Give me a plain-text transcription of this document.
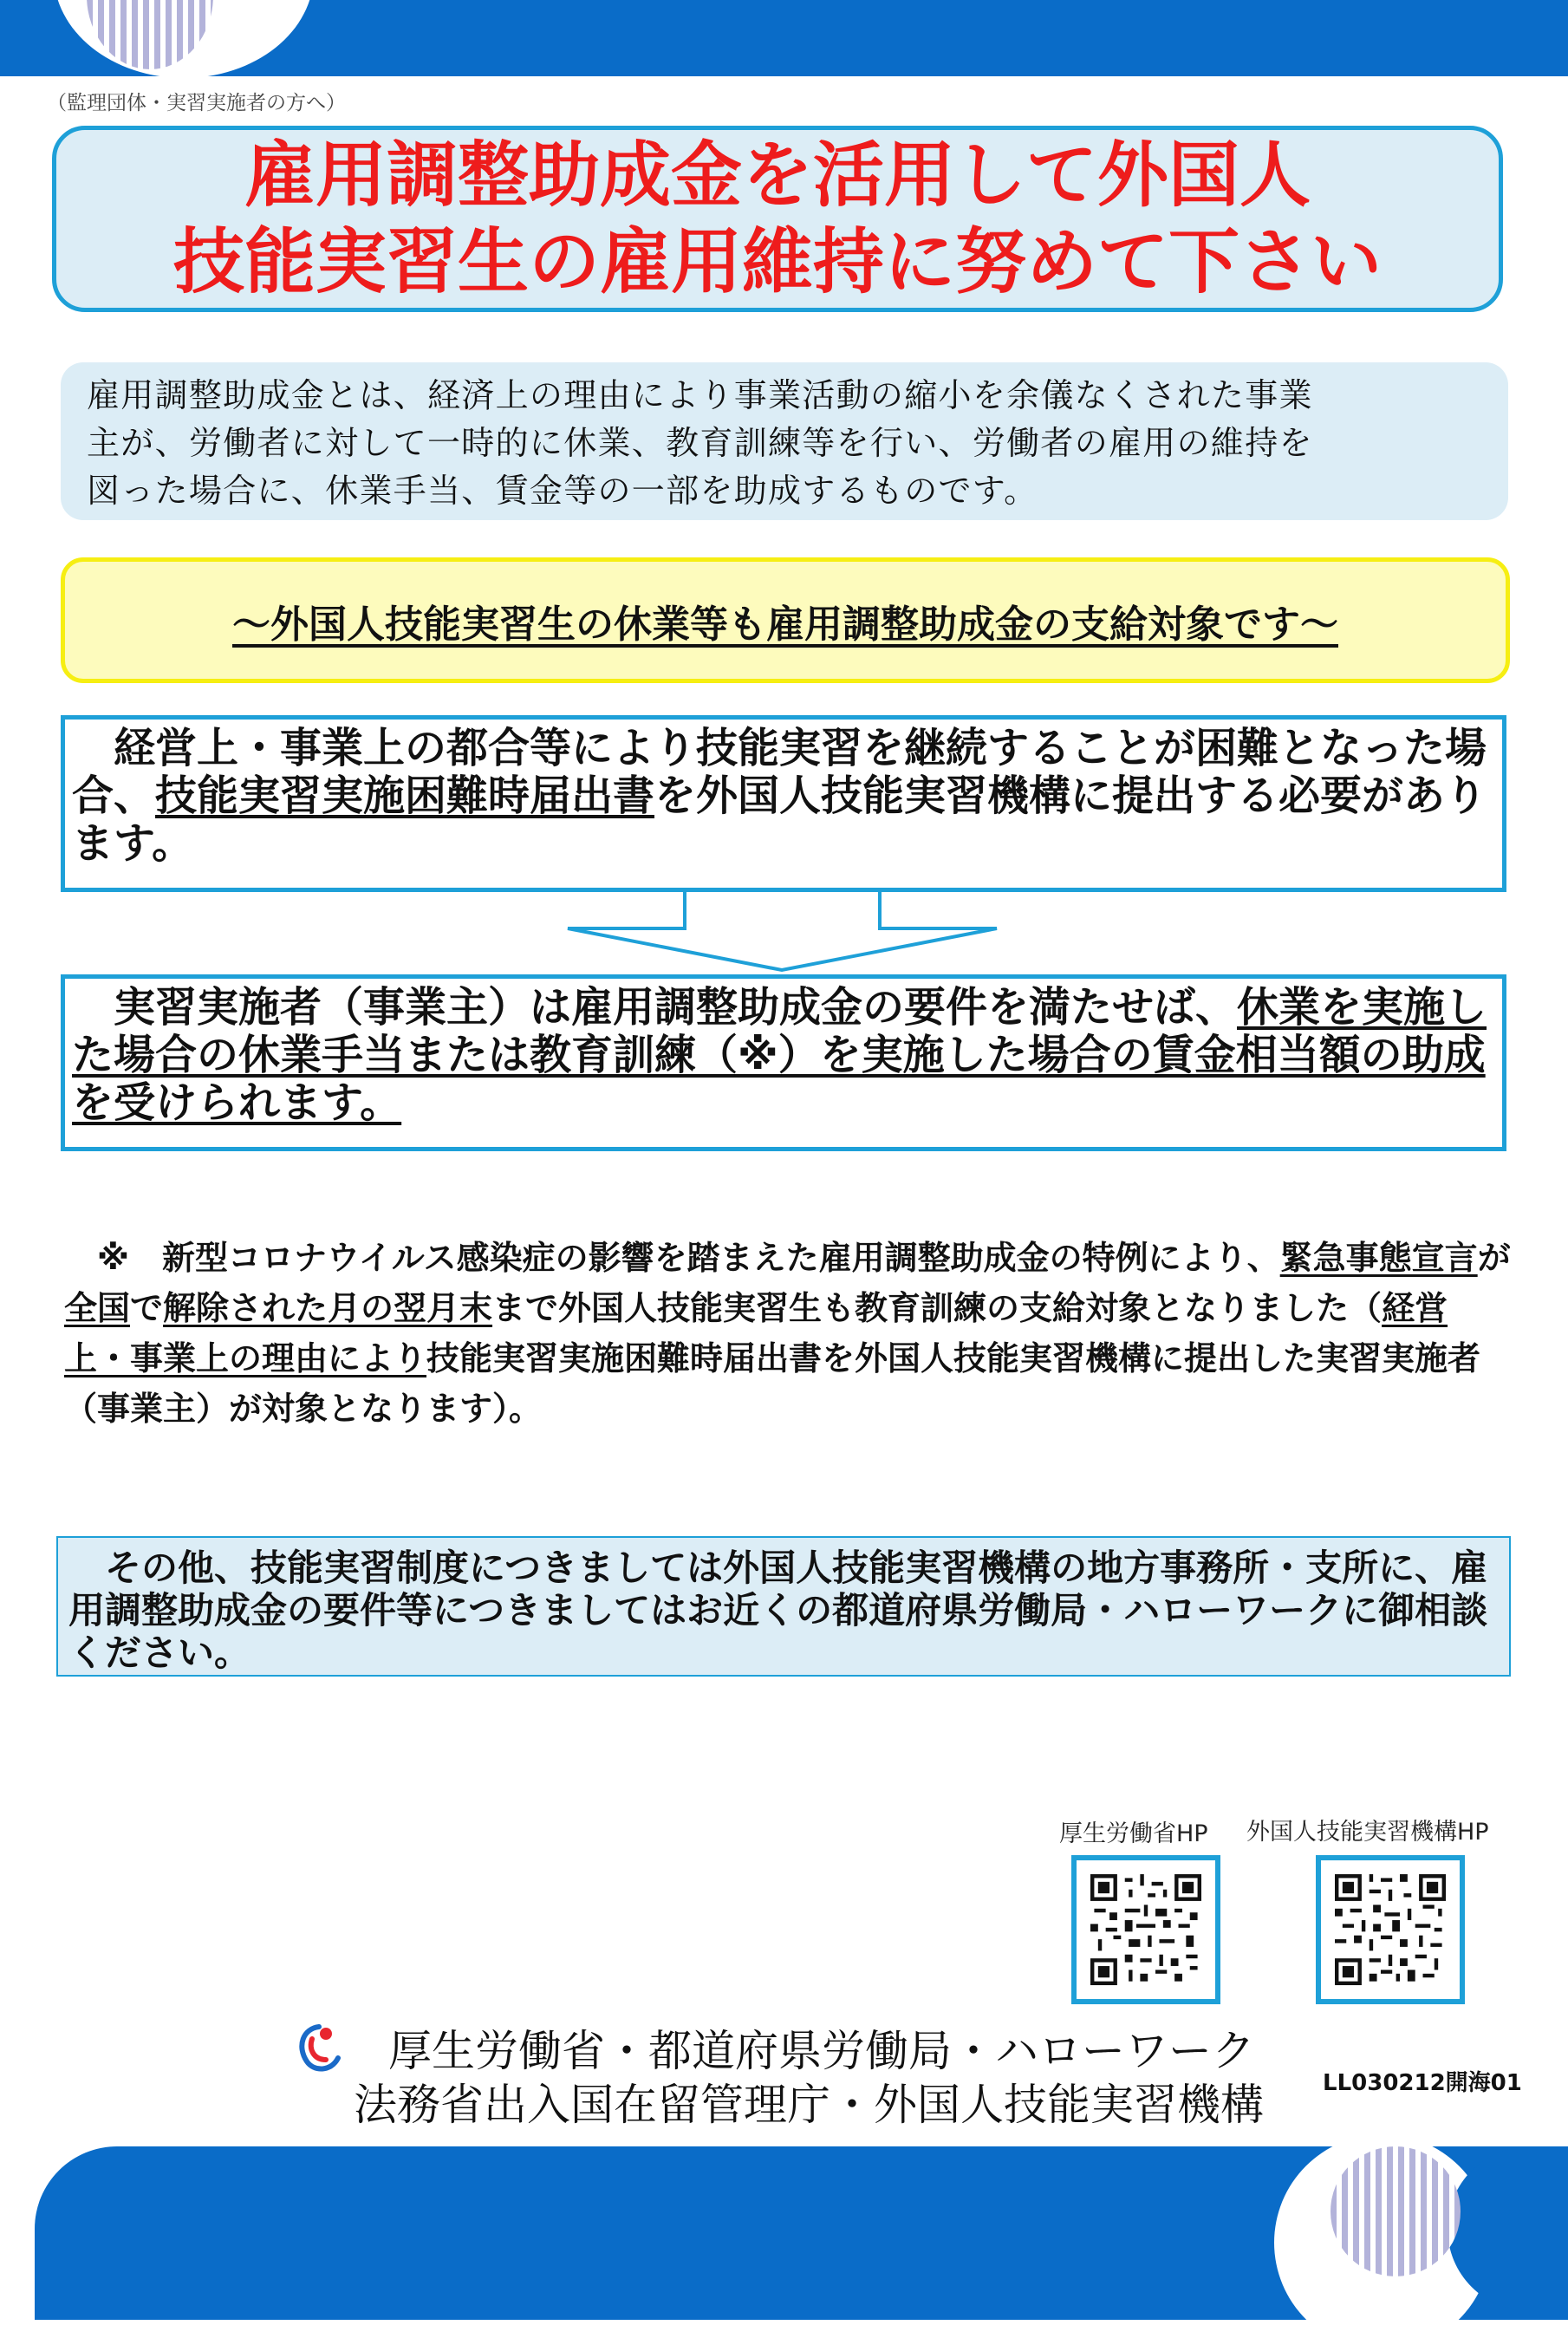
（監理団体・実習実施者の方へ）
雇用調整助成金を活用して外国人
技能実習生の雇用維持に努めて下さい
雇用調整助成金とは、経済上の理由により事業活動の縮小を余儀なくされた事業
主が、労働者に対して一時的に休業、教育訓練等を行い、労働者の雇用の維持を
図った場合に、休業手当、賃金等の一部を助成するものです。
～外国人技能実習生の休業等も雇用調整助成金の支給対象です～
　経営上・事業上の都合等により技能実習を継続することが困難となった場合、技能実習実施困難時届出書を外国人技能実習機構に提出する必要があります。
　実習実施者（事業主）は雇用調整助成金の要件を満たせば、休業を実施した場合の休業手当または教育訓練（※）を実施した場合の賃金相当額の助成を受けられます。
　※　新型コロナウイルス感染症の影響を踏まえた雇用調整助成金の特例により、緊急事態宣言が全国で解除された月の翌月末まで外国人技能実習生も教育訓練の支給対象となりました（経営上・事業上の理由により技能実習実施困難時届出書を外国人技能実習機構に提出した実習実施者（事業主）が対象となります）。
　その他、技能実習制度につきましては外国人技能実習機構の地方事務所・支所に、雇用調整助成金の要件等につきましてはお近くの都道府県労働局・ハローワークに御相談ください。
厚生労働省HP 外国人技能実習機構HP
厚生労働省・都道府県労働局・ハローワーク
法務省出入国在留管理庁・外国人技能実習機構	LL030212開海01
